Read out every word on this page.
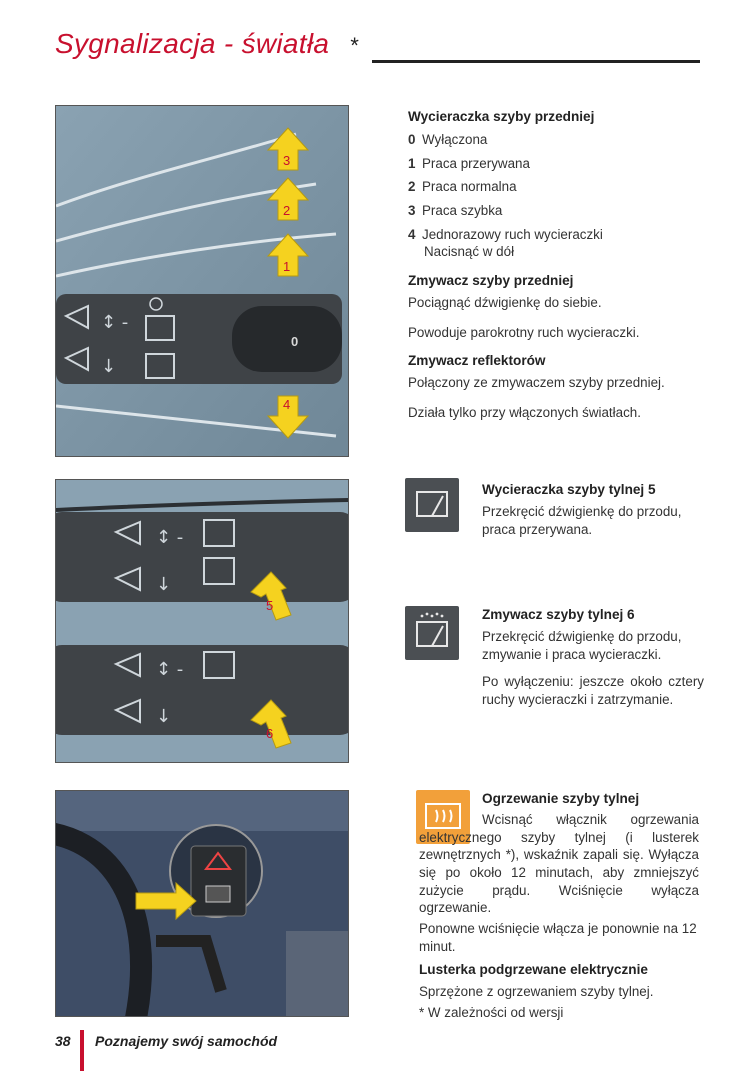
Sygnalizacja - światła *
↕ -
↓
0
3
2
1
4
↕ -
↓
↕ -
↓
5
6
Wycieraczka szyby przedniej
0 Wyłączona
1 Praca przerywana
2 Praca normalna
3 Praca szybka
4 Jednorazowy ruch wycieraczki
Nacisnąć w dół
Zmywacz szyby przedniej
Pociągnąć dźwigienkę do siebie.
Powoduje parokrotny ruch wycieraczki.
Zmywacz reflektorów
Połączony ze zmywaczem szyby przedniej.
Działa tylko przy włączonych światłach.
Wycieraczka szyby tylnej 5
Przekręcić dźwigienkę do przodu, praca przerywana.
Zmywacz szyby tylnej 6
Przekręcić dźwigienkę do przodu, zmywanie i praca wycieraczki.
Po wyłączeniu: jeszcze około cztery ruchy wycieraczki i zatrzymanie.
Ogrzewanie szyby tylnej
Wcisnąć włącznik ogrzewania elektrycznego szyby tylnej (i lusterek zewnętrznych *), wskaźnik zapali się. Wyłącza się po około 12 minutach, aby zmniejszyć zużycie prądu. Wciśnięcie wyłącza ogrzewanie.
Ponowne wciśnięcie włącza je ponownie na 12 minut.
Lusterka podgrzewane elektrycznie
Sprzężone z ogrzewaniem szyby tylnej.
* W zależności od wersji
38 Poznajemy swój samochód
